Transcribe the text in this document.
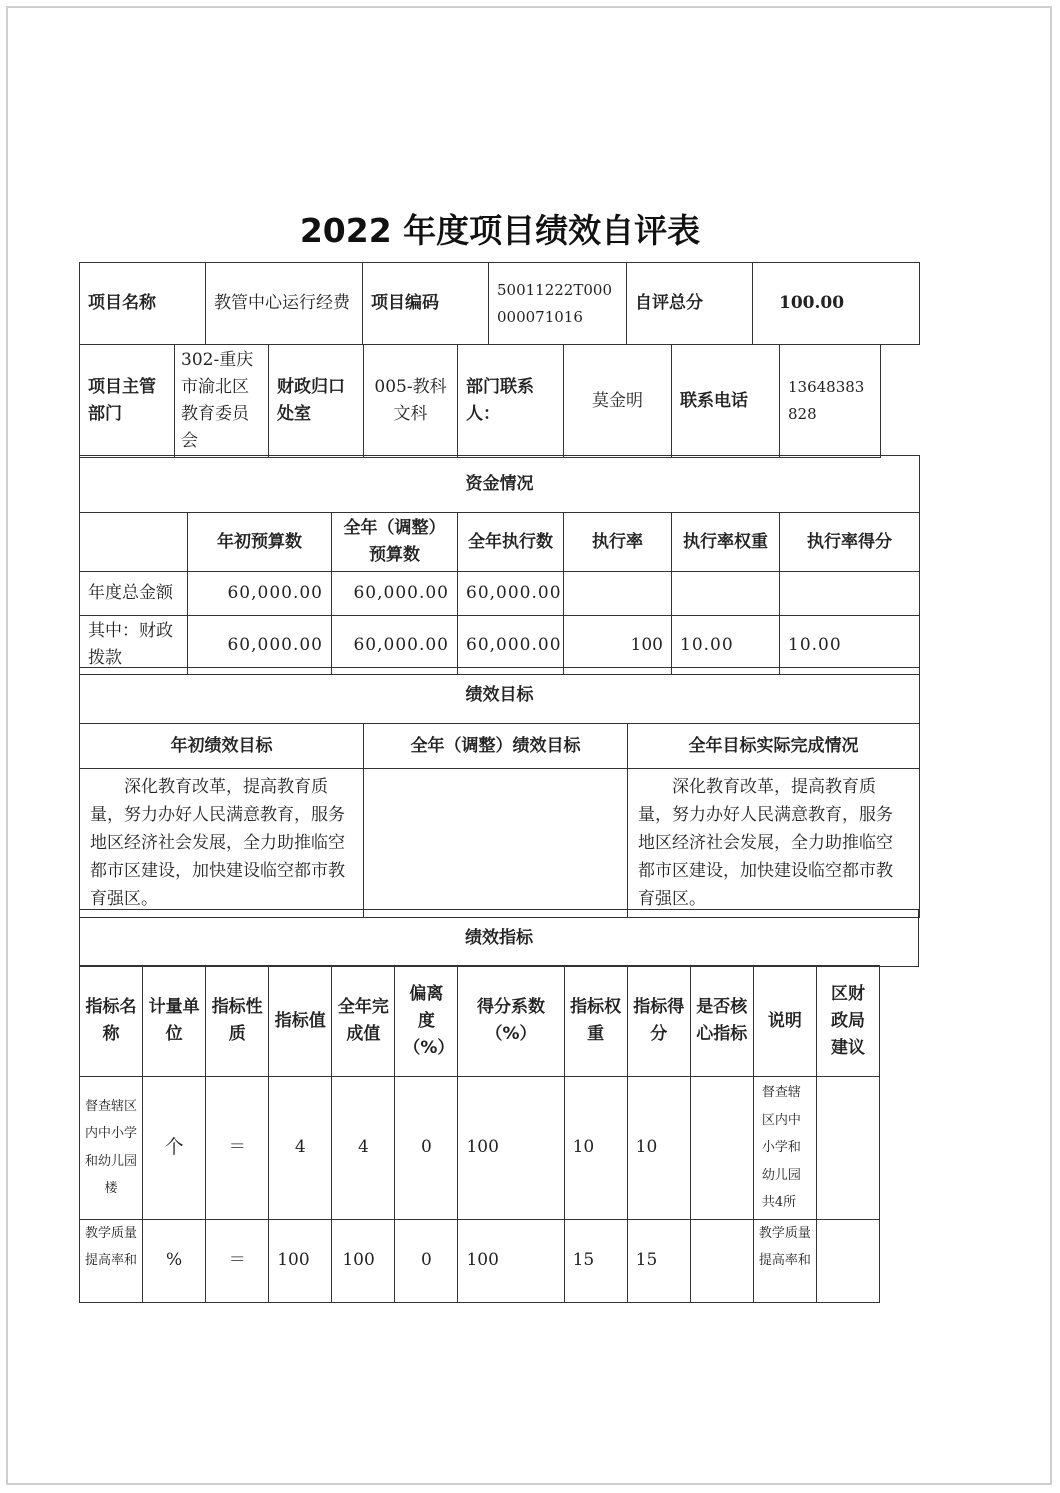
2022 年度项目绩效自评表
项目名称	教管中心运行经费	项目编码	50011222T000000071016	自评总分	100.00
项目主管部门	302-重庆市渝北区教育委员会	财政归口处室	005-教科文科	部门联系人：	莫金明	联系电话	13648383828
资金情况						
	年初预算数	全年（调整）预算数	全年执行数	执行率	执行率权重	执行率得分
年度总金额	60,000.00	60,000.00	60,000.00			
其中：财政拨款	60,000.00	60,000.00	60,000.00	100	10.00	10.00
绩效目标		
年初绩效目标	全年（调整）绩效目标	全年目标实际完成情况
深化教育改革，提高教育质量，努力办好人民满意教育，服务地区经济社会发展，全力助推临空都市区建设，加快建设临空都市教育强区。		深化教育改革，提高教育质量，努力办好人民满意教育，服务地区经济社会发展，全力助推临空都市区建设，加快建设临空都市教育强区。
绩效指标
指标名称	计量单位	指标性质	指标值	全年完成值	偏离度（%）	得分系数（%）	指标权重	指标得分	是否核心指标	说明	区财政局建议
督查辖区内中小学和幼儿园楼	个	＝	4	4	0	100	10	10		督查辖区内中小学和幼儿园共4所	
教学质量提高率和	%	＝	100	100	0	100	15	15		教学质量提高率和	
